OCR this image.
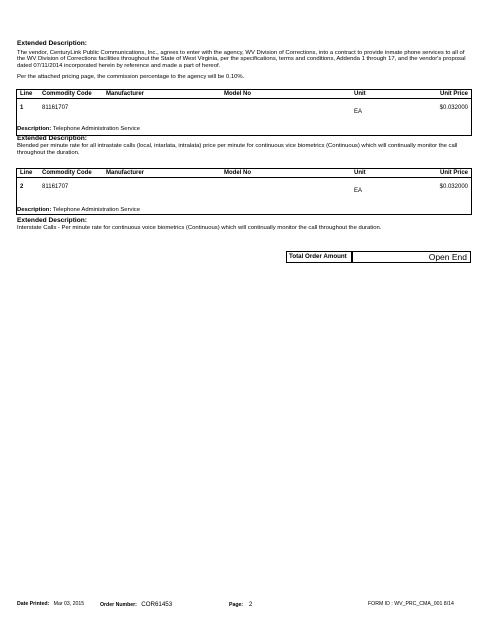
Extended Description:
The vendor, CenturyLink Public Communications, Inc., agrees to enter with the agency, WV Division of Corrections, into a contract to provide inmate phone services to all of the WV Division of Corrections facilities throughout the State of West Virginia, per the specifications, terms and conditions, Addenda 1 through 17, and the vendor's proposal dated 07/11/2014 incorporated herein by reference and made a part of hereof.
Per the attached pricing page, the commission percentage to the agency will be 0.10%.
Line	Commodity Code	Manufacturer	Model No	Unit	Unit Price
1	81161707			EA	$0.032000
Description: Telephone Administration Service
Extended Description:
Blended per minute rate for all intrastate calls (local, intarlata, intralata) price per minute for continuous vice biometrics (Continuous) which will continually monitor the call throughout the duration.
Line	Commodity Code	Manufacturer	Model No	Unit	Unit Price
2	81161707			EA	$0.032000
Description: Telephone Administration Service
Extended Description:
Interstate Calls - Per minute rate for continuous voice biometrics (Continuous) which will continually monitor the call throughout the duration.
Total Order Amount	Open End
Date Printed: Mar 03, 2015	Order Number: COR61453	Page: 2	FORM ID : WV_PRC_CMA_001 8/14
